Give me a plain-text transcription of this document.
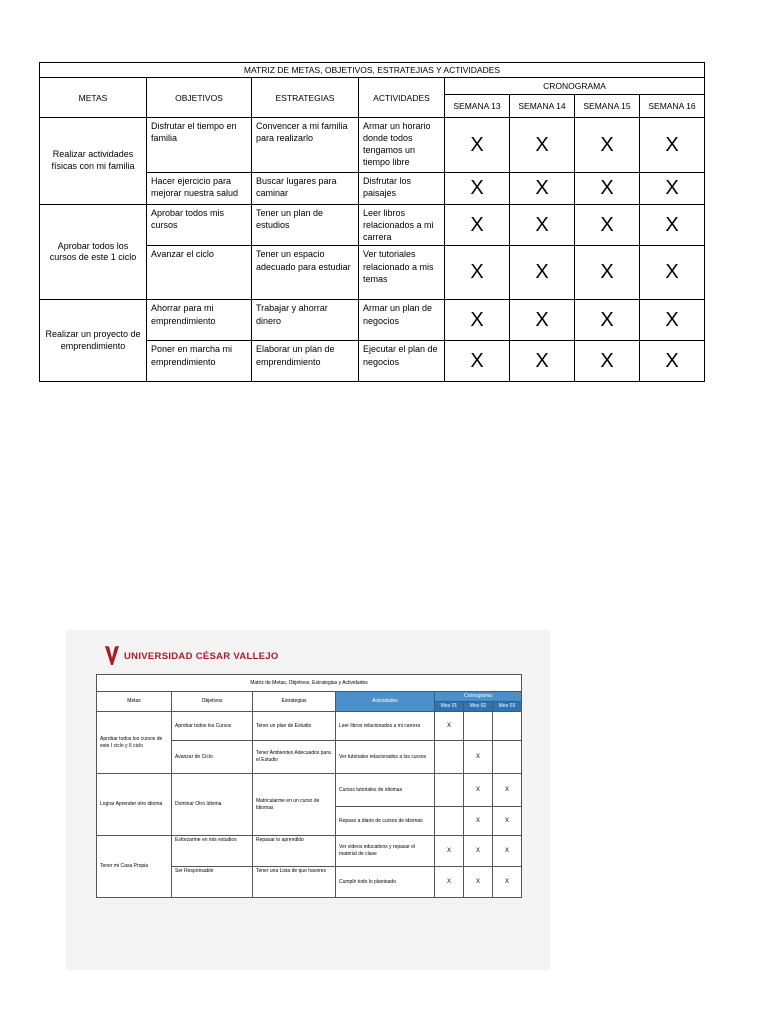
MATRIZ DE METAS, OBJETIVOS, ESTRATEJIAS Y ACTIVIDADES							
METAS	OBJETIVOS	ESTRATEGIAS	ACTIVIDADES	CRONOGRAMA			
				SEMANA 13	SEMANA 14	SEMANA 15	SEMANA 16
Realizar actividades físicas con mi familia	Disfrutar el tiempo en familia	Convencer a mi familia para realizarlo	Armar un horario donde todos tengamos un tiempo libre	X	X	X	X
	Hacer ejercicio para mejorar nuestra salud	Buscar lugares para caminar	Disfrutar los paisajes	X	X	X	X
Aprobar todos los cursos de este 1 ciclo	Aprobar todos mis cursos	Tener un plan de estudios	Leer libros relacionados a mi carrera	X	X	X	X
	Avanzar el ciclo	Tener un espacio adecuado para estudiar	Ver tutoriales relacionado a mis temas	X	X	X	X
Realizar un proyecto de emprendimiento	Ahorrar para mi emprendimiento	Trabajar y ahorrar dinero	Armar un plan de negocios	X	X	X	X
	Poner en marcha mi emprendimiento	Elaborar un plan de emprendimiento	Ejecutar el plan de negocios	X	X	X	X
UNIVERSIDAD CÉSAR VALLEJO
Matriz de Metas, Objetivos, Estrategias y Actividades						
Metas	Objetivos	Estrategias	Actividades	Cronograma		
				Mes 01	Mes 02	Mes 03
Aprobar todos los cursos de este I ciclo y II ciclo	Aprobar todos los Cursos	Tener un plan de Estudio	Leer libros relacionados a mi carrera	X		
	Avanzar de Ciclo	Tener Ambientes Adecuados para el Estudio	Ver tutoriales relacionados a los cursos		X	
Lograr Aprender otro idioma	Dominar Otro Idioma	Matricularme en un curso de Idiomas	Cursos tutoriales de idiomas		X	X
			Repaso a diario de cursos de idiomas		X	X
Tener mi Casa Propia	Esforzarme en mis estudios	Repasar lo aprendido	Ver videos educativos y repasar el material de clase	X	X	X
	Ser Responsable	Tener una Lista de que haceres	Cumplir todo lo planteado	X	X	X
